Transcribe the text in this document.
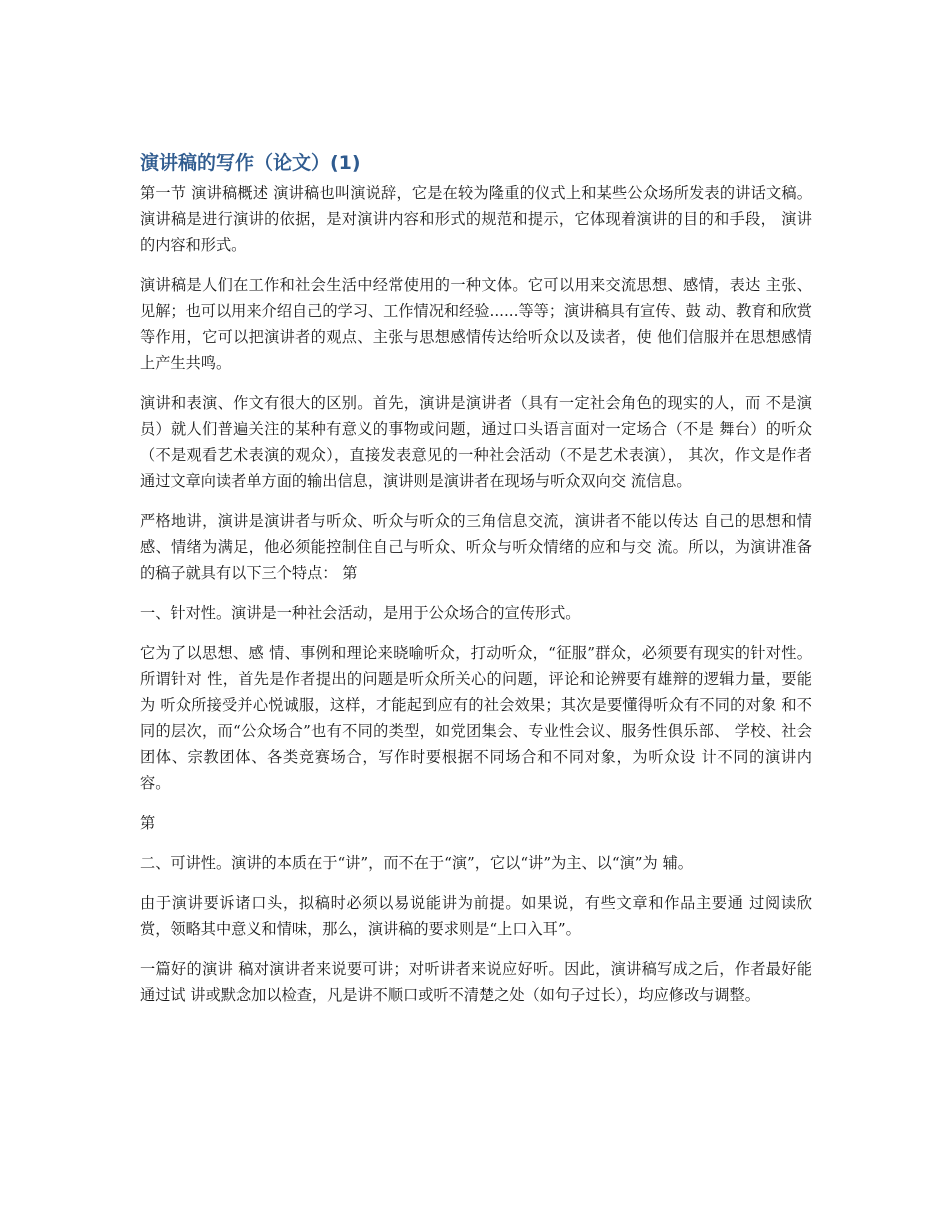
演讲稿的写作（论文）(1)

第一节 演讲稿概述 演讲稿也叫演说辞，它是在较为隆重的仪式上和某些公众场所发表的讲话文稿。 演讲稿是进行演讲的依据，是对演讲内容和形式的规范和提示，它体现着演讲的目的和手段， 演讲的内容和形式。

演讲稿是人们在工作和社会生活中经常使用的一种文体。它可以用来交流思想、感情，表达 主张、见解；也可以用来介绍自己的学习、工作情况和经验......等等；演讲稿具有宣传、鼓 动、教育和欣赏等作用，它可以把演讲者的观点、主张与思想感情传达给听众以及读者，使 他们信服并在思想感情上产生共鸣。

演讲和表演、作文有很大的区别。首先，演讲是演讲者（具有一定社会角色的现实的人，而 不是演员）就人们普遍关注的某种有意义的事物或问题，通过口头语言面对一定场合（不是 舞台）的听众（不是观看艺术表演的观众），直接发表意见的一种社会活动（不是艺术表演）， 其次，作文是作者通过文章向读者单方面的输出信息，演讲则是演讲者在现场与听众双向交 流信息。

严格地讲，演讲是演讲者与听众、听众与听众的三角信息交流，演讲者不能以传达 自己的思想和情感、情绪为满足，他必须能控制住自己与听众、听众与听众情绪的应和与交 流。所以，为演讲准备的稿子就具有以下三个特点： 第

一、针对性。演讲是一种社会活动，是用于公众场合的宣传形式。

它为了以思想、感 情、事例和理论来晓喻听众，打动听众，“征服”群众，必须要有现实的针对性。所谓针对 性，首先是作者提出的问题是听众所关心的问题，评论和论辨要有雄辩的逻辑力量，要能为 听众所接受并心悦诚服，这样，才能起到应有的社会效果；其次是要懂得听众有不同的对象 和不同的层次，而“公众场合”也有不同的类型，如党团集会、专业性会议、服务性俱乐部、 学校、社会团体、宗教团体、各类竞赛场合，写作时要根据不同场合和不同对象，为听众设 计不同的演讲内容。

第

二、可讲性。演讲的本质在于“讲”，而不在于“演”，它以“讲”为主、以“演”为 辅。

由于演讲要诉诸口头，拟稿时必须以易说能讲为前提。如果说，有些文章和作品主要通 过阅读欣赏，领略其中意义和情味，那么，演讲稿的要求则是“上口入耳”。

一篇好的演讲 稿对演讲者来说要可讲；对听讲者来说应好听。因此，演讲稿写成之后，作者最好能通过试 讲或默念加以检查，凡是讲不顺口或听不清楚之处（如句子过长），均应修改与调整。
